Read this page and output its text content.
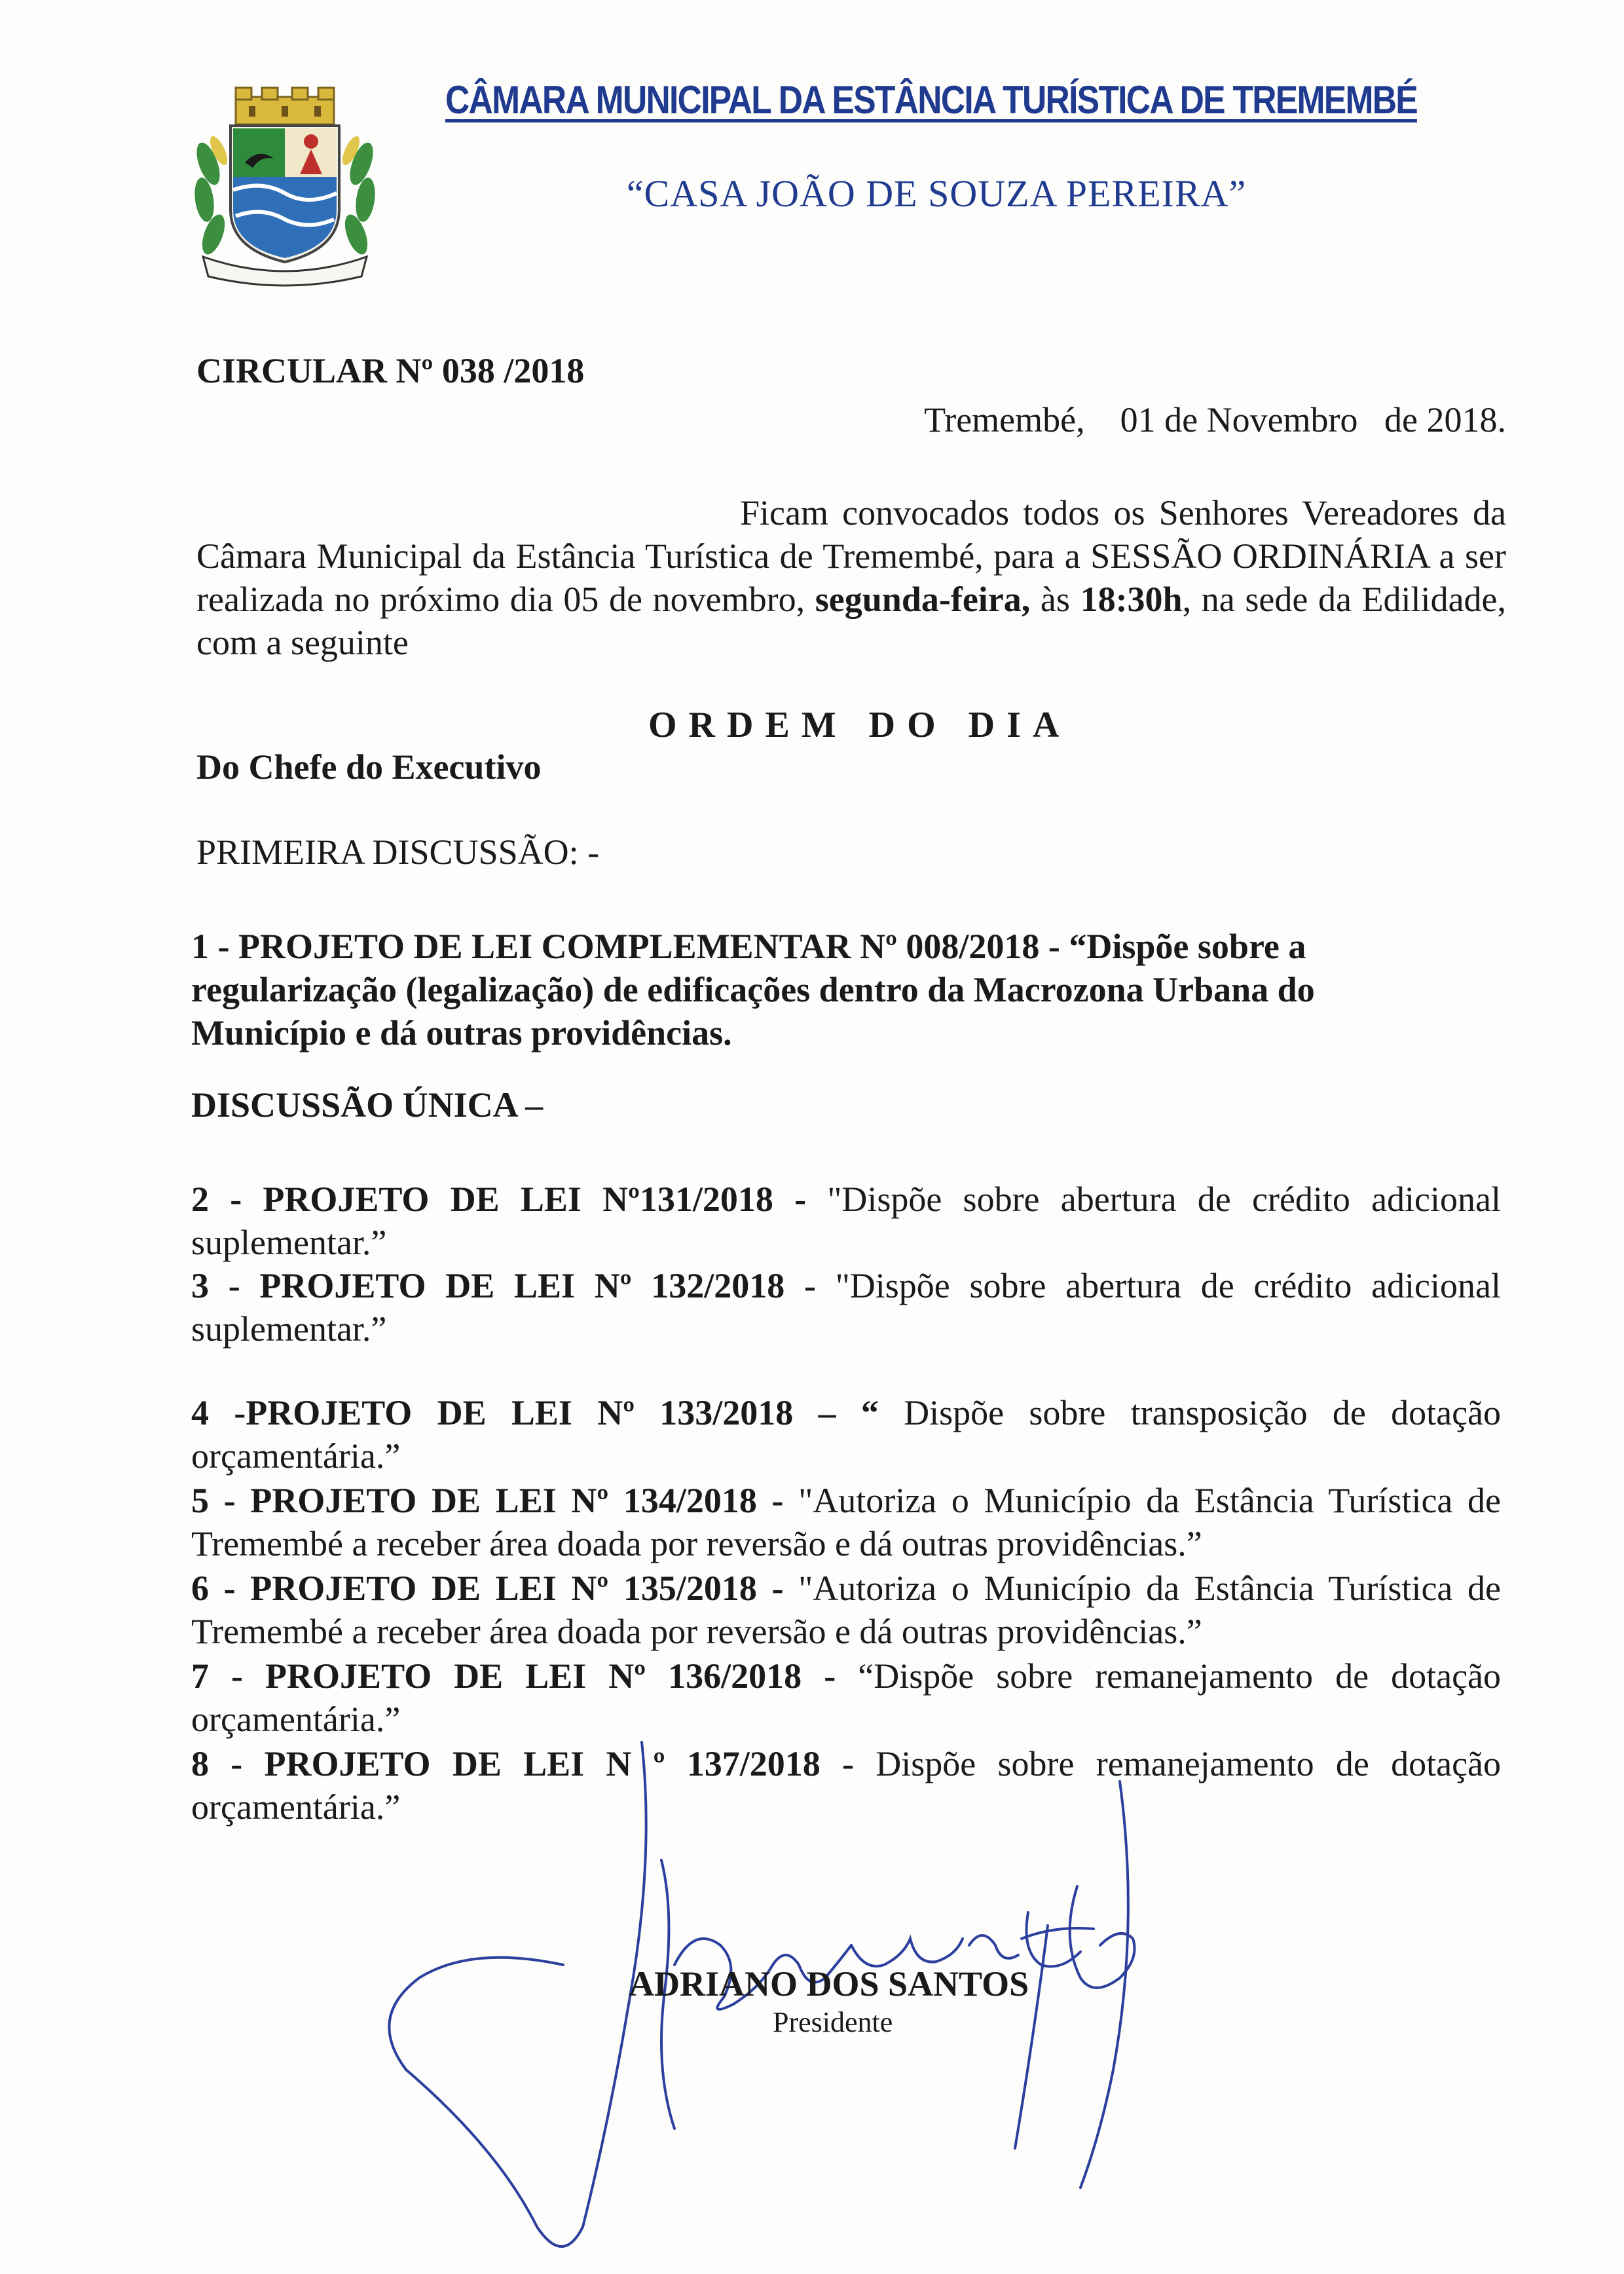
CÂMARA MUNICIPAL DA ESTÂNCIA TURÍSTICA DE TREMEMBÉ
“CASA JOÃO DE SOUZA PEREIRA”
CIRCULAR Nº 038 /2018
Tremembé, 01 de Novembro   de 2018.

Ficam convocados todos os Senhores Vereadores da Câmara Municipal da Estância Turística de Tremembé, para a SESSÃO ORDINÁRIA a ser realizada no próximo dia 05 de novembro, segunda-feira, às 18:30h, na sede da Edilidade, com a seguinte

ORDEM DO DIA
Do Chefe do Executivo
PRIMEIRA DISCUSSÃO: -
1 - PROJETO DE LEI COMPLEMENTAR Nº 008/2018 - “Dispõe sobre a regularização (legalização) de edificações dentro da Macrozona Urbana do Município e dá outras providências.
DISCUSSÃO ÚNICA –
2 - PROJETO DE LEI Nº131/2018 - "Dispõe sobre abertura de crédito adicional suplementar.”
3 - PROJETO DE LEI Nº 132/2018 - "Dispõe sobre abertura de crédito adicional suplementar.”
4 -PROJETO DE LEI Nº 133/2018 – “ Dispõe sobre transposição de dotação orçamentária.”
5 - PROJETO DE LEI Nº 134/2018 - "Autoriza o Município da Estância Turística de Tremembé a receber área doada por reversão e dá outras providências.”
6 - PROJETO DE LEI Nº 135/2018 - "Autoriza o Município da Estância Turística de Tremembé a receber área doada por reversão e dá outras providências.”
7 - PROJETO DE LEI Nº 136/2018 - “Dispõe sobre remanejamento de dotação orçamentária.”
8 - PROJETO DE LEI N º 137/2018 - Dispõe sobre remanejamento de dotação orçamentária.”
ADRIANO DOS SANTOS
Presidente
